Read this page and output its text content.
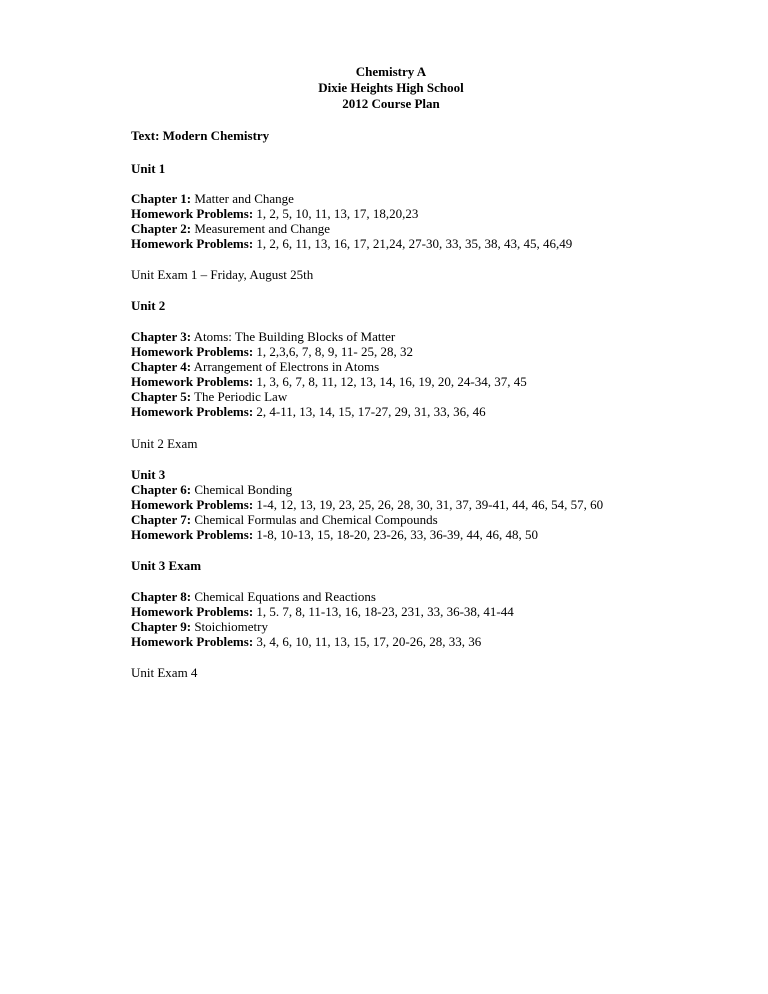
Chemistry A
Dixie Heights High School
2012 Course Plan
Text: Modern Chemistry
Unit 1
Chapter 1: Matter and Change
Homework Problems: 1, 2, 5, 10, 11, 13, 17, 18,20,23
Chapter 2: Measurement and Change
Homework Problems: 1, 2, 6, 11, 13, 16, 17, 21,24, 27-30, 33, 35, 38, 43, 45, 46,49
Unit Exam 1 – Friday, August 25th
Unit 2
Chapter 3: Atoms: The Building Blocks of Matter
Homework Problems: 1, 2,3,6, 7, 8, 9, 11- 25, 28, 32
Chapter 4: Arrangement of Electrons in Atoms
Homework Problems: 1, 3, 6, 7, 8, 11, 12, 13, 14, 16, 19, 20, 24-34, 37, 45
Chapter 5: The Periodic Law
Homework Problems: 2, 4-11, 13, 14, 15, 17-27, 29, 31, 33, 36, 46
Unit 2 Exam
Unit 3
Chapter 6: Chemical Bonding
Homework Problems: 1-4, 12, 13, 19, 23, 25, 26, 28, 30, 31, 37, 39-41, 44, 46, 54, 57, 60
Chapter 7: Chemical Formulas and Chemical Compounds
Homework Problems: 1-8, 10-13, 15, 18-20, 23-26, 33, 36-39, 44, 46, 48, 50
Unit 3 Exam
Chapter 8: Chemical Equations and Reactions
Homework Problems: 1, 5. 7, 8, 11-13, 16, 18-23, 231, 33, 36-38, 41-44
Chapter 9: Stoichiometry
Homework Problems: 3, 4, 6, 10, 11, 13, 15, 17, 20-26, 28, 33, 36
Unit Exam 4
